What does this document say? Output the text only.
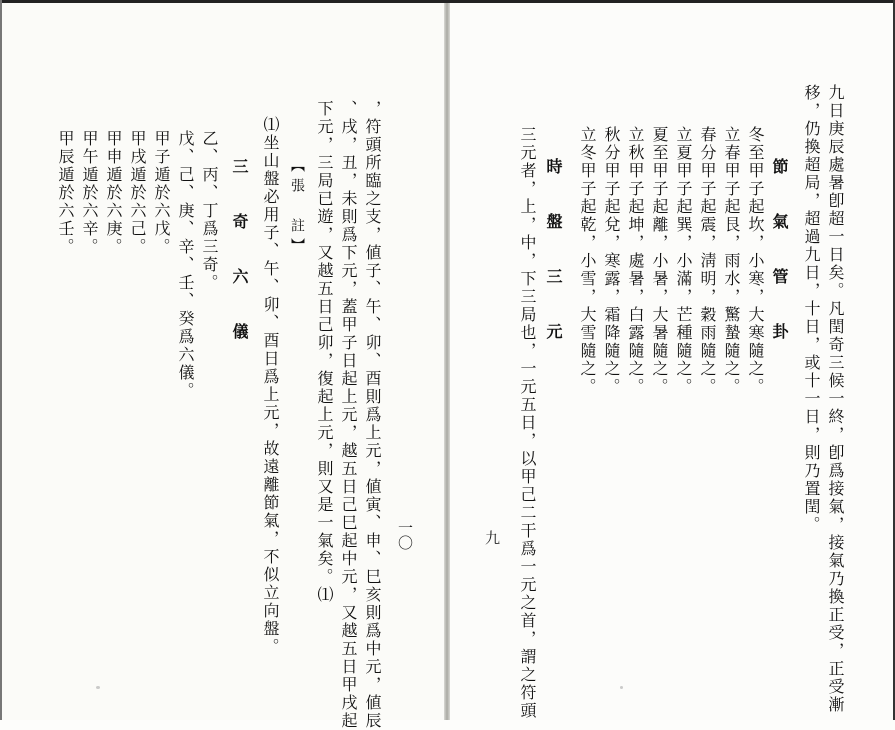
九日庚辰處暑卽超一日矣。凡閏奇三候一終，卽爲接氣，接氣乃換正受，正受漸
移，仍換超局，超過九日，十日，或十一日，則乃置閏。
節 氣 管 卦
冬至甲子起坎，小寒，大寒隨之。
立春甲子起艮，雨水，驚蟄隨之。
春分甲子起震，淸明，穀雨隨之。
立夏甲子起巽，小滿，芒種隨之。
夏至甲子起離，小暑，大暑隨之。
立秋甲子起坤，處暑，白露隨之。
秋分甲子起兌，寒露，霜降隨之。
立冬甲子起乾，小雪，大雪隨之。
時 盤 三 元
三元者，上，中，下三局也，一元五日，以甲己二干爲一元之首，謂之符頭
九
一〇
，符頭所臨之支，値子、午、卯、酉則爲上元，値寅、申、巳亥則爲中元，値辰
、戌，丑，未則爲下元，蓋甲子日起上元，越五日己巳起中元，又越五日甲戌起
下元，三局已遊，又越五日己卯，復起上元，則又是一氣矣。⑴
【張　註】
⑴坐山盤必用子、午、卯、酉日爲上元，故遠離節氣，不似立向盤。
三 奇 六 儀
乙、丙、丁爲三奇。
戊、己、庚、辛、壬、癸爲六儀。
甲子遁於六戊。
甲戌遁於六己。
甲申遁於六庚。
甲午遁於六辛。
甲辰遁於六壬。
